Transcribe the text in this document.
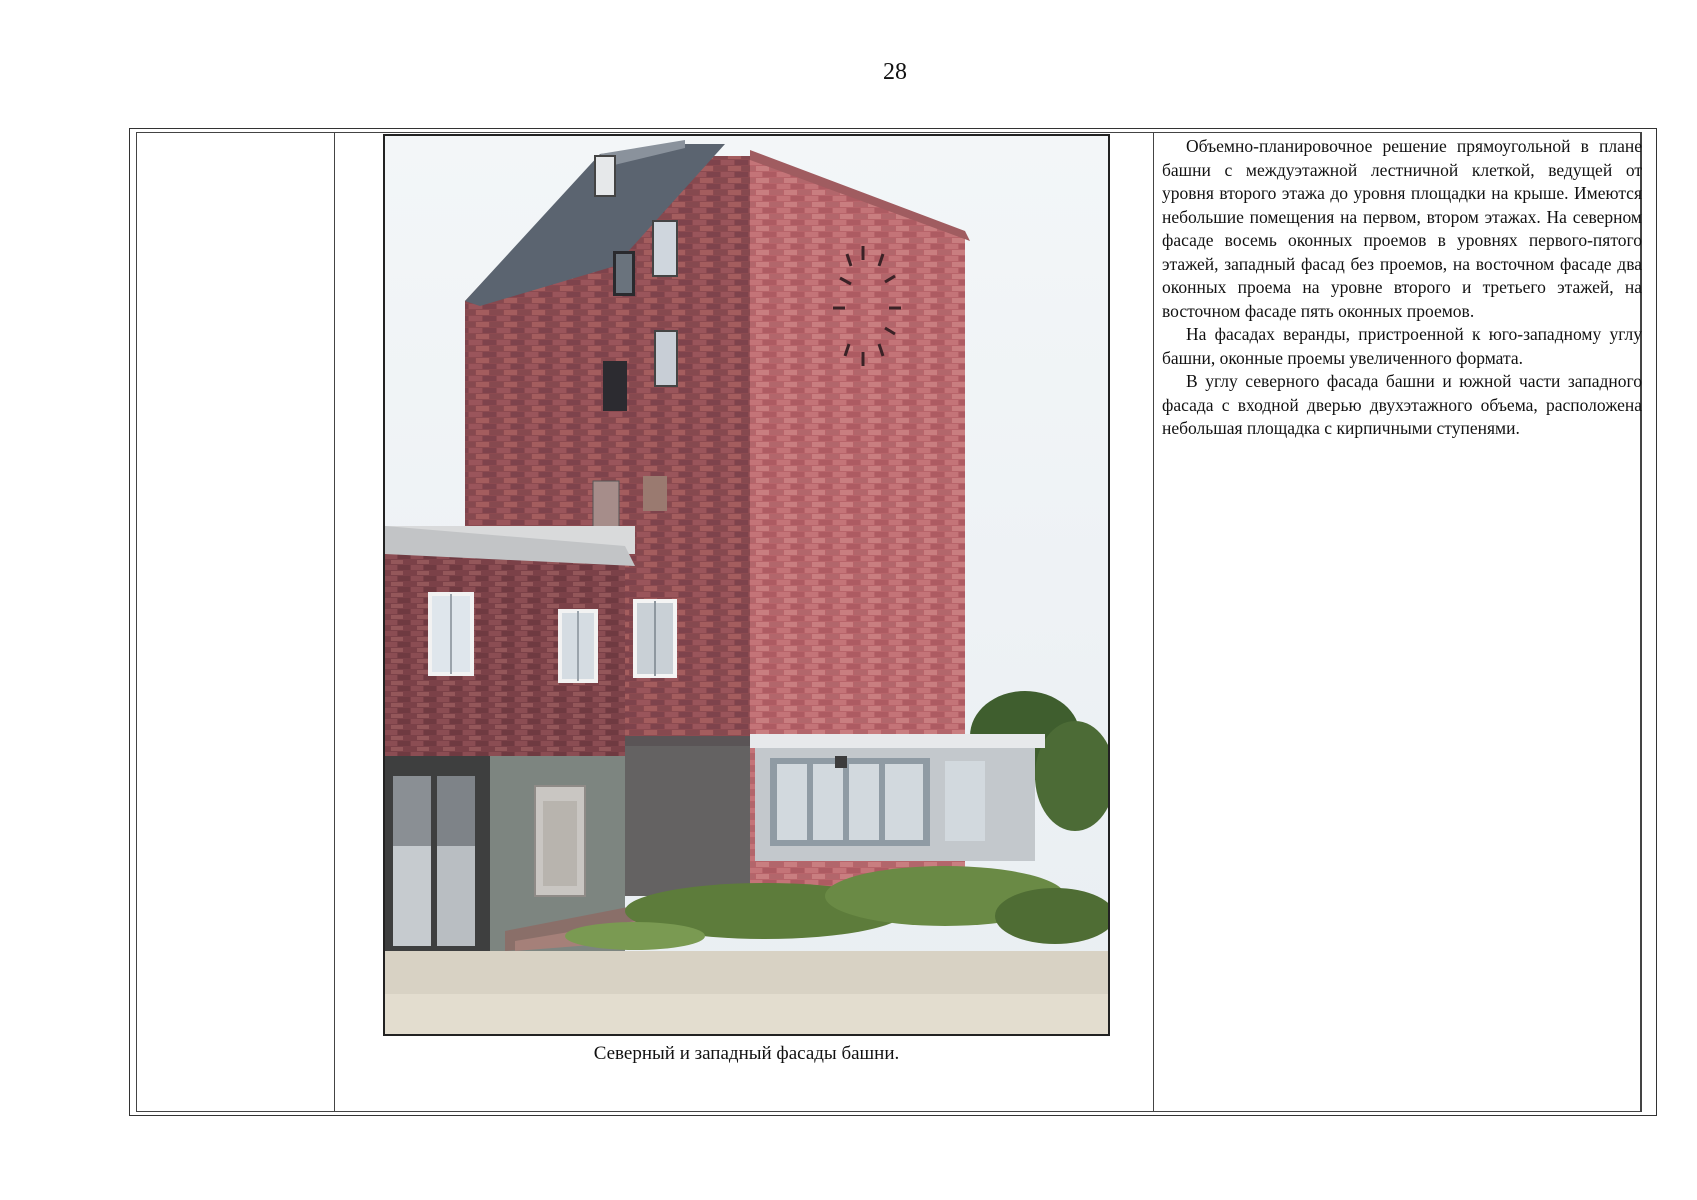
28
Северный и западный фасады башни.

Объемно-планировочное решение прямоугольной в плане башни с междуэтажной лестничной клеткой, ведущей от уровня второго этажа до уровня площадки на крыше. Имеются небольшие помещения на первом, втором этажах. На северном фасаде восемь оконных проемов в уровнях первого-пятого этажей, западный фасад без проемов, на восточном фасаде два оконных проема на уровне второго и третьего этажей, на восточном фасаде пять оконных проемов.

На фасадах веранды, пристроенной к юго-западному углу башни, оконные проемы увеличенного формата.

В углу северного фасада башни и южной части западного фасада с входной дверью двухэтажного объема, расположена небольшая площадка с кирпичными ступенями.
